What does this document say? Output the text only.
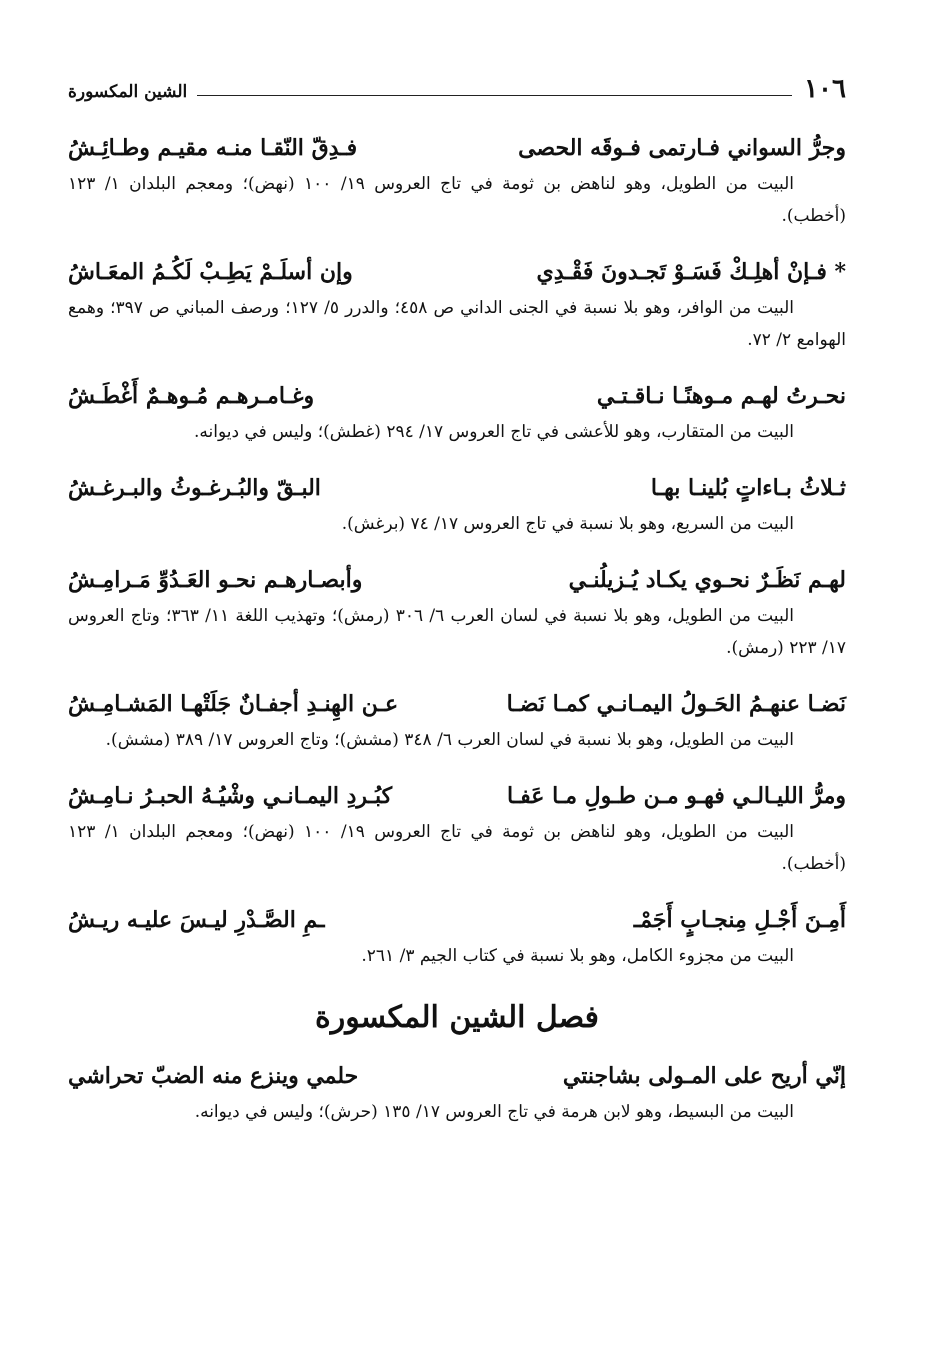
١٠٦
الشين المكسورة
وجرُّ السواني فـارتمى فـوقَه الحصى
فـدِقّ النّقـا منـه مقيـم وطـائِـشُ
البيت من الطويل، وهو لناهض بن ثومة في تاج العروس ١٩/ ١٠٠ (نهض)؛ ومعجم البلدان ١/ ١٢٣ (أخطب).
* فـإنْ أهلِـكْ فَسَـوْ تَجـدونَ فَقْـدِي
وإن أسلَـمْ يَطِـبْ لَكُـمُ المعَـاشُ
البيت من الوافر، وهو بلا نسبة في الجنى الداني ص ٤٥٨؛ والدرر ٥/ ١٢٧؛ ورصف المباني ص ٣٩٧؛ وهمع الهوامع ٢/ ٧٢.
نحـرتُ لهـم مـوهنًـا نـاقـتـي
وغـامـرهـم مُـوهـمٌ أَغْطَـشُ
البيت من المتقارب، وهو للأعشى في تاج العروس ١٧/ ٢٩٤ (غطش)؛ وليس في ديوانه.
ثـلاثُ بـاءاتٍ بُلينـا بهـا
البـقّ والبُـرغـوثُ والبـرغـشُ
البيت من السريع، وهو بلا نسبة في تاج العروس ١٧/ ٧٤ (برغش).
لهـم نَظَـرٌ نحـوي يكـاد يُـزيلُنـي
وأبصـارهـم نحـو العَـدُوِّ مَـرامِـشُ
البيت من الطويل، وهو بلا نسبة في لسان العرب ٦/ ٣٠٦ (رمش)؛ وتهذيب اللغة ١١/ ٣٦٣؛ وتاج العروس ١٧/ ٢٢٣ (رمش).
نَضـا عنهـمُ الحَـولُ اليمـانـي كمـا نَضـا
عـن الهِنـدِ أجفـانٌ جَلَتْهـا المَشـامِـشُ
البيت من الطويل، وهو بلا نسبة في لسان العرب ٦/ ٣٤٨ (مشش)؛ وتاج العروس ١٧/ ٣٨٩ (مشش).
ومرُّ الليـالـي فهـو مـن طـولِ مـا عَفـا
كبُـردِ اليمـانـي وشْيُـهُ الحبـرُ نـامِـشُ
البيت من الطويل، وهو لناهض بن ثومة في تاج العروس ١٩/ ١٠٠ (نهض)؛ ومعجم البلدان ١/ ١٢٣ (أخطب).
أَمِـنَ أَجْـلِ مِنجـابٍ أَجَمْـ
ـمِ الصَّـدْرِ ليـسَ عليـه ريـشُ
البيت من مجزوء الكامل، وهو بلا نسبة في كتاب الجيم ٣/ ٢٦١.
فصل الشين المكسورة
إنّي أريح على المـولى بشاجنتي
حلمي وينزع منه الضبّ تحراشي
البيت من البسيط، وهو لابن هرمة في تاج العروس ١٧/ ١٣٥ (حرش)؛ وليس في ديوانه.
